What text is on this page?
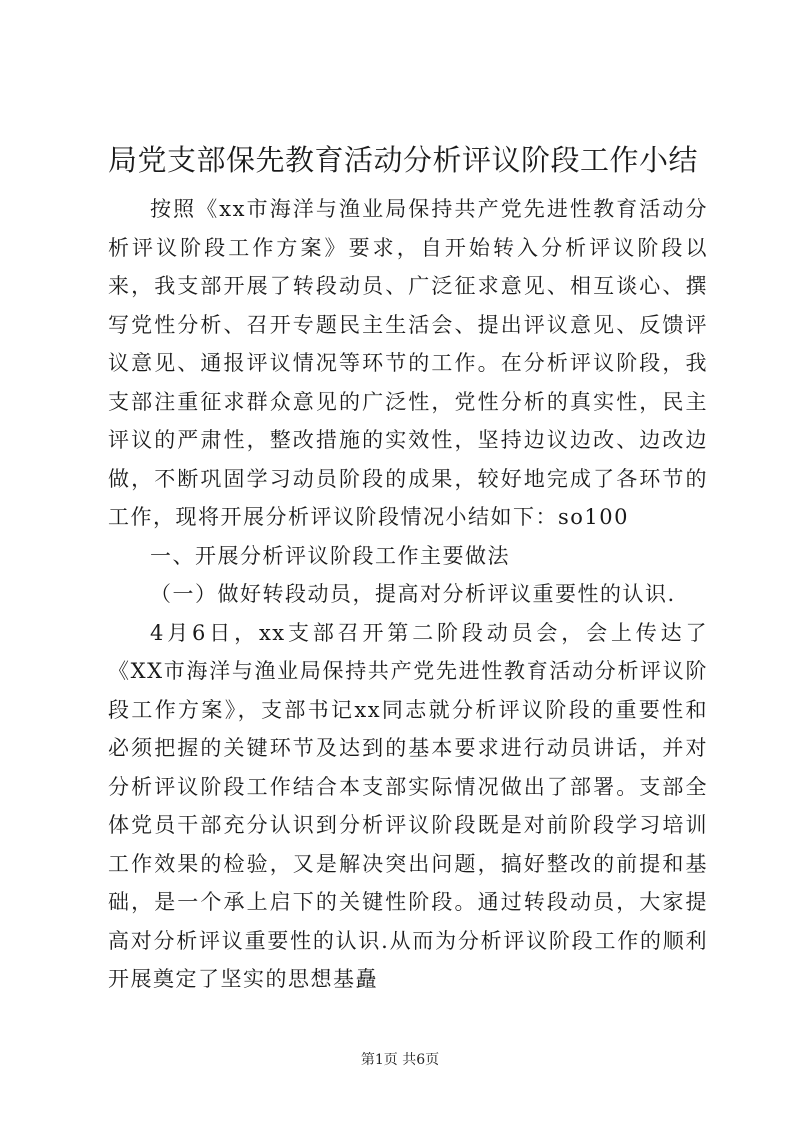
局党支部保先教育活动分析评议阶段工作小结

按照《xx市海洋与渔业局保持共产党先进性教育活动分析评议阶段工作方案》要求，自开始转入分析评议阶段以来，我支部开展了转段动员、广泛征求意见、相互谈心、撰写党性分析、召开专题民主生活会、提出评议意见、反馈评议意见、通报评议情况等环节的工作。在分析评议阶段，我支部注重征求群众意见的广泛性，党性分析的真实性，民主评议的严肃性，整改措施的实效性，坚持边议边改、边改边做，不断巩固学习动员阶段的成果，较好地完成了各环节的工作，现将开展分析评议阶段情况小结如下：so100

一、开展分析评议阶段工作主要做法

（一）做好转段动员，提高对分析评议重要性的认识.

4月6日，xx支部召开第二阶段动员会，会上传达了《XX市海洋与渔业局保持共产党先进性教育活动分析评议阶段工作方案》，支部书记xx同志就分析评议阶段的重要性和必须把握的关键环节及达到的基本要求进行动员讲话，并对分析评议阶段工作结合本支部实际情况做出了部署。支部全体党员干部充分认识到分析评议阶段既是对前阶段学习培训工作效果的检验，又是解决突出问题，搞好整改的前提和基础，是一个承上启下的关键性阶段。通过转段动员，大家提高对分析评议重要性的认识.从而为分析评议阶段工作的顺利开展奠定了坚实的思想基矗

第1页 共6页
